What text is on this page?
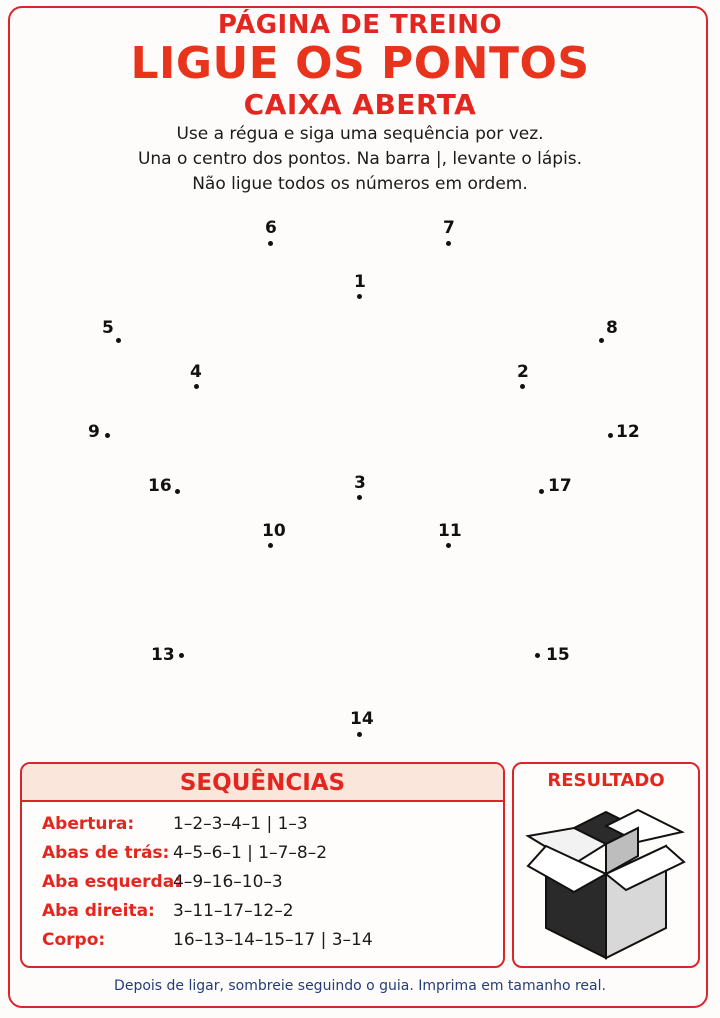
PÁGINA DE TREINO
LIGUE OS PONTOS
CAIXA ABERTA
Use a régua e siga uma sequência por vez.
Una o centro dos pontos. Na barra |, levante o lápis.
Não ligue todos os números em ordem.
1
2
3
4
5
6	7
8
9
10	11
12
13
14
15
16	17
SEQUÊNCIAS
Abertura: 1–2–3–4–1 | 1–3
Abas de trás: 4–5–6–1 | 1–7–8–2
Aba esquerda:
4–9–16–10–3
Aba direita: 3–11–17–12–2
Corpo:	16–13–14–15–17 | 3–14
RESULTADO
Depois de ligar, sombreie seguindo o guia. Imprima em tamanho real.
